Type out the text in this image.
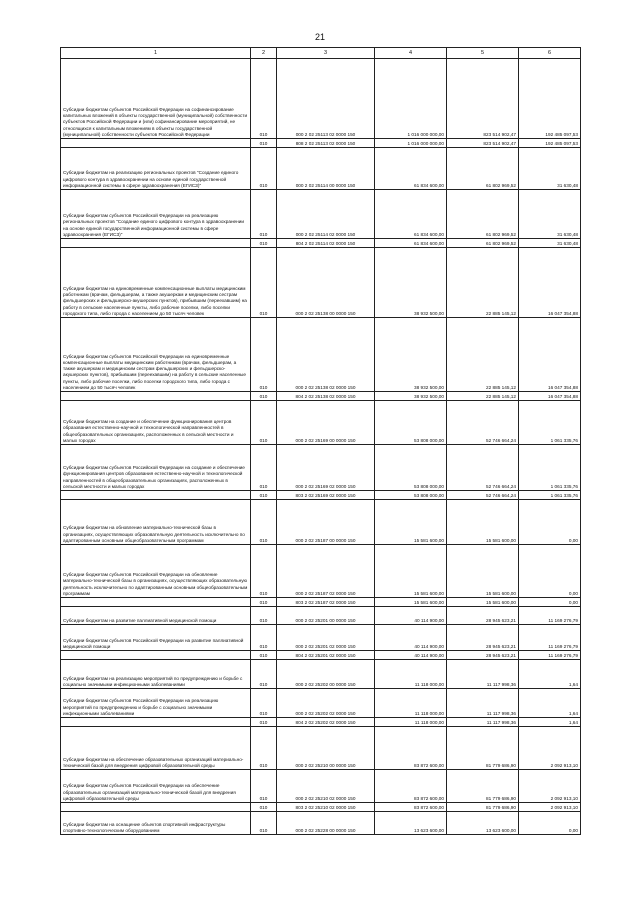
21
1	2	3	4	5	6
Субсидии бюджетам субъектов Российской Федерации на софинансирование капитальных вложений в объекты государственной (муниципальной) собственности субъектов Российской Федерации и (или) софинансирование мероприятий, не относящихся к капитальным вложениям в объекты государственной (муниципальной) собственности субъектов Российской Федерации	010	000 2 02 25113 02 0000 150	1 016 000 000,00	823 514 902,47	192 485 097,53
	010	808 2 02 25113 02 0000 150	1 016 000 000,00	823 514 902,47	192 485 097,53
Субсидии бюджетам на реализацию региональных проектов "Создание единого цифрового контура в здравоохранении на основе единой государственной информационной системы в сфере здравоохранения (ЕГИСЗ)"	010	000 2 02 25114 00 0000 150	61 834 600,00	61 802 969,52	31 630,48
Субсидии бюджетам субъектов Российской Федерации на реализацию региональных проектов "Создание единого цифрового контура в здравоохранении на основе единой государственной информационной системы в сфере здравоохранения (ЕГИСЗ)"	010	000 2 02 25114 02 0000 150	61 834 600,00	61 802 969,52	31 630,48
	010	804 2 02 25114 02 0000 150	61 834 600,00	61 802 969,52	31 630,48
Субсидии бюджетам на единовременные компенсационные выплаты медицинским работникам (врачам, фельдшерам, а также акушеркам и медицинским сестрам фельдшерских и фельдшерско-акушерских пунктов), прибывшим (переехавшим) на работу в сельские населенные пункты, либо рабочие поселки, либо поселки городского типа, либо города с населением до 50 тысяч человек	010	000 2 02 25138 00 0000 150	38 932 500,00	22 885 145,12	16 047 354,88
Субсидии бюджетам субъектов Российской Федерации на единовременные компенсационные выплаты медицинским работникам (врачам, фельдшерам, а также акушеркам и медицинским сестрам фельдшерских и фельдшерско-акушерских пунктов), прибывшим (переехавшим) на работу в сельские населенные пункты, либо рабочие поселки, либо поселки городского типа, либо города с населением до 50 тысяч человек	010	000 2 02 25138 02 0000 150	38 932 500,00	22 885 145,12	16 047 354,88
	010	804 2 02 25138 02 0000 150	38 932 500,00	22 885 145,12	16 047 354,88
Субсидии бюджетам на создание и обеспечение функционирования центров образования естественно-научной и технологической направленностей в общеобразовательных организациях, расположенных в сельской местности и малых городах	010	000 2 02 25169 00 0000 150	53 808 000,00	52 746 664,24	1 061 335,76
Субсидии бюджетам субъектов Российской Федерации на создание и обеспечение функционирования центров образования естественно-научной и технологической направленностей в общеобразовательных организациях, расположенных в сельской местности и малых городах	010	000 2 02 25169 02 0000 150	53 808 000,00	52 746 664,24	1 061 335,76
	010	803 2 02 25169 02 0000 150	53 808 000,00	52 746 664,24	1 061 335,76
Субсидии бюджетам на обновление материально-технической базы в организациях, осуществляющих образовательную деятельность исключительно по адаптированным основным общеобразовательным программам	010	000 2 02 25187 00 0000 150	15 581 600,00	15 581 600,00	0,00
Субсидии бюджетам субъектов Российской Федерации на обновление материально-технической базы в организациях, осуществляющих образовательную деятельность исключительно по адаптированным основным общеобразовательным программам	010	000 2 02 25187 02 0000 150	15 581 600,00	15 581 600,00	0,00
	010	803 2 02 25187 02 0000 150	15 581 600,00	15 581 600,00	0,00
Субсидии бюджетам на развитие паллиативной медицинской помощи	010	000 2 02 25201 00 0000 150	40 114 900,00	28 945 623,21	11 169 276,79
Субсидии бюджетам субъектов Российской Федерации на развитие паллиативной медицинской помощи	010	000 2 02 25201 02 0000 150	40 114 900,00	28 945 623,21	11 169 276,79
	010	804 2 02 25201 02 0000 150	40 114 900,00	28 945 623,21	11 169 276,79
Субсидии бюджетам на реализацию мероприятий по предупреждению и борьбе с социально значимыми инфекционными заболеваниями	010	000 2 02 25202 00 0000 150	11 118 000,00	11 117 998,36	1,64
Субсидии бюджетам субъектов Российской Федерации на реализацию мероприятий по предупреждению и борьбе с социально значимыми инфекционными заболеваниями	010	000 2 02 25202 02 0000 150	11 118 000,00	11 117 998,36	1,64
	010	804 2 02 25202 02 0000 150	11 118 000,00	11 117 998,36	1,64
Субсидии бюджетам на обеспечение образовательных организаций материально-технической базой для внедрения цифровой образовательной среды	010	000 2 02 25210 00 0000 150	83 872 600,00	81 779 686,90	2 092 913,10
Субсидии бюджетам субъектов Российской Федерации на обеспечение образовательных организаций материально-технической базой для внедрения цифровой образовательной среды	010	000 2 02 25210 02 0000 150	83 872 600,00	81 779 686,90	2 092 913,10
	010	803 2 02 25210 02 0000 150	83 872 600,00	81 779 686,90	2 092 913,10
Субсидии бюджетам на оснащение объектов спортивной инфраструктуры спортивно-технологическим оборудованием	010	000 2 02 25228 00 0000 150	13 623 600,00	13 623 600,00	0,00
